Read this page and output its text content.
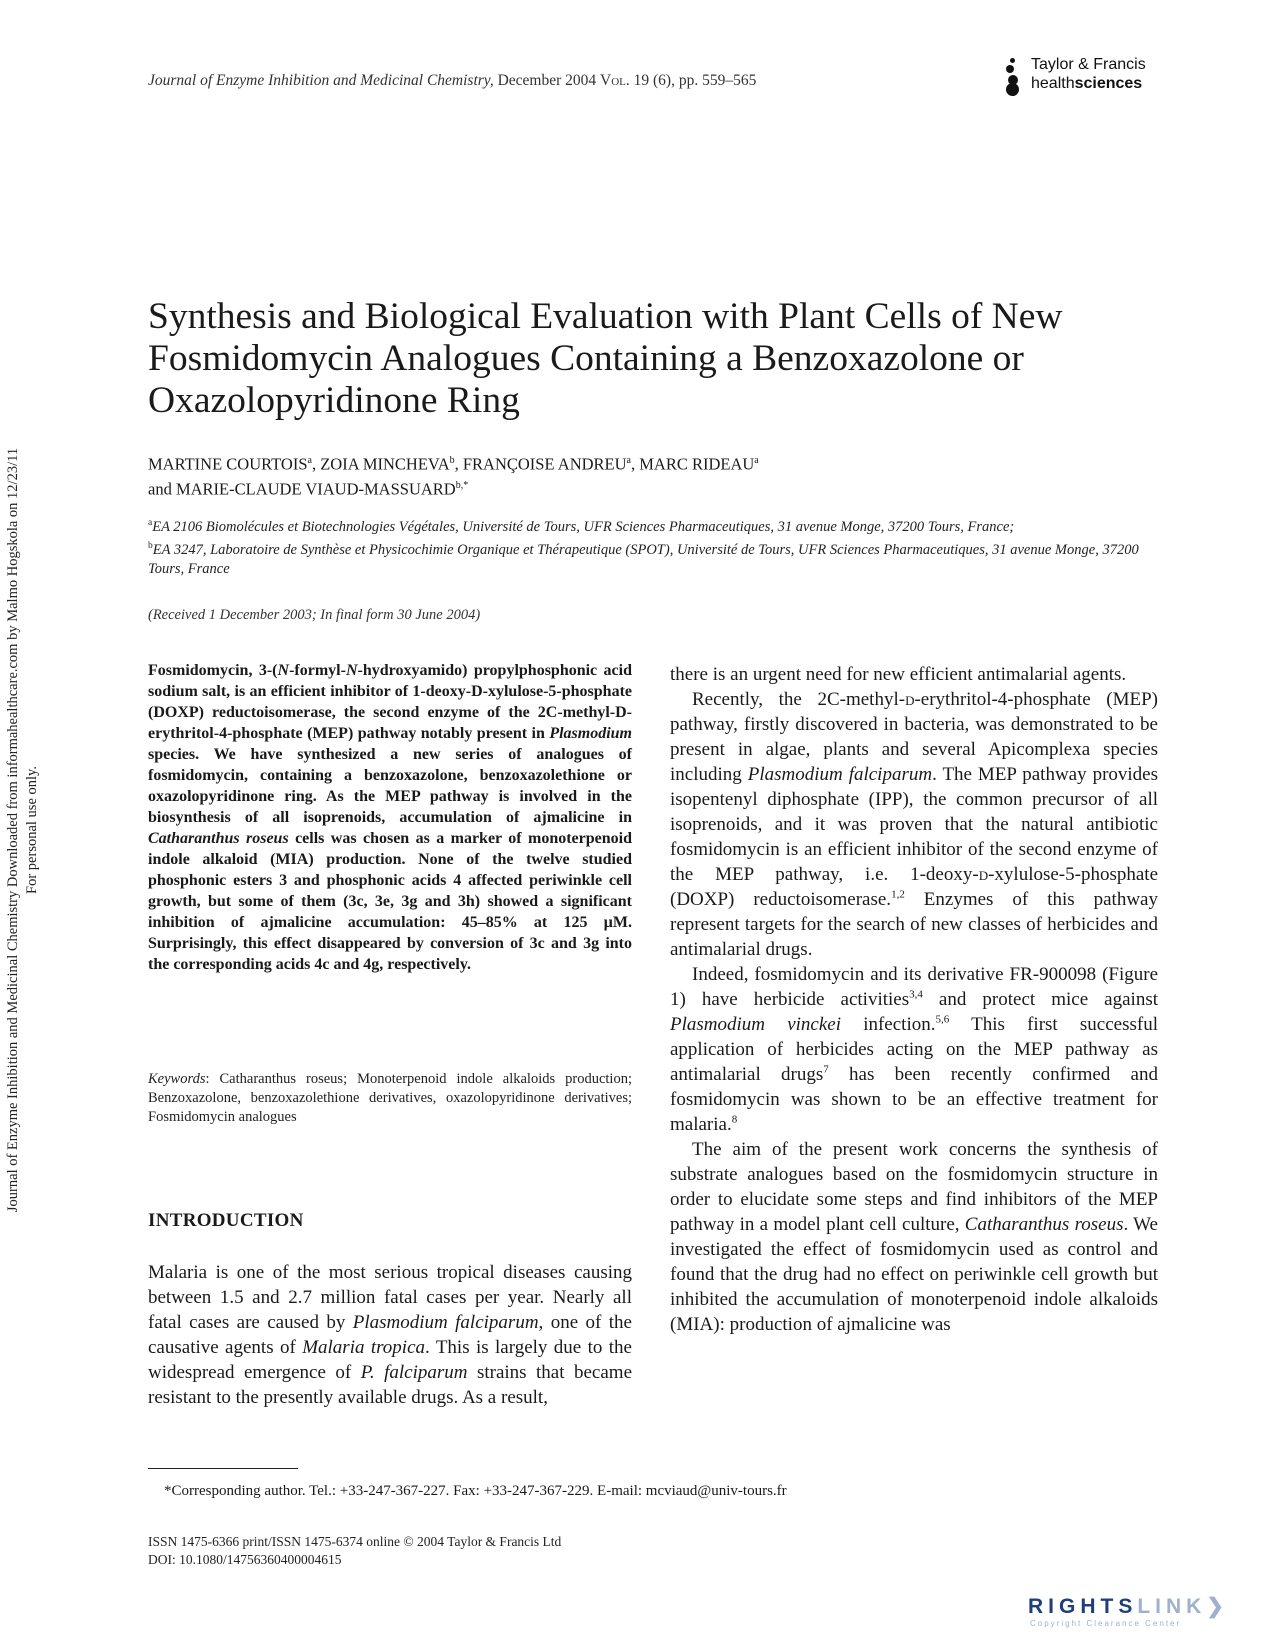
Journal of Enzyme Inhibition and Medicinal Chemistry Downloaded from informahealthcare.com by Malmo Hogskola on 12/23/11 For personal use only.
Journal of Enzyme Inhibition and Medicinal Chemistry, December 2004 Vol. 19 (6), pp. 559–565
Taylor & Francis
healthsciences
Synthesis and Biological Evaluation with Plant Cells of New Fosmidomycin Analogues Containing a Benzoxazolone or Oxazolopyridinone Ring
MARTINE COURTOIS$^a$, ZOIA MINCHEVA$^b$, FRANÇOISE ANDREU$^a$, MARC RIDEAU$^a$
and MARIE-CLAUDE VIAUD-$MASSUARD^{b,*}$
$^a$EA 2106 Biomolécules et Biotechnologies Végétales, Université de Tours, UFR Sciences Pharmaceutiques, 31 avenue Monge, 37200 Tours, France;
$^b$EA 3247, Laboratoire de Synthèse et Physicochimie Organique et Thérapeutique (SPOT), Université de Tours, UFR Sciences Pharmaceutiques, 31 avenue Monge, 37200 Tours, France
(Received 1 December 2003; In final form 30 June 2004)
Fosmidomycin, 3-(N-formyl-N-hydroxyamido) propylphosphonic acid sodium salt, is an efficient inhibitor of 1-deoxy-D-xylulose-5-phosphate (DOXP) reductoisomerase, the second enzyme of the 2C-methyl-D-erythritol-4-phosphate (MEP) pathway notably present in Plasmodium species. We have synthesized a new series of analogues of fosmidomycin, containing a benzoxazolone, benzoxazolethione or oxazolopyridinone ring. As the MEP pathway is involved in the biosynthesis of all isoprenoids, accumulation of ajmalicine in Catharanthus roseus cells was chosen as a marker of monoterpenoid indole alkaloid (MIA) production. None of the twelve studied phosphonic esters 3 and phosphonic acids 4 affected periwinkle cell growth, but some of them (3c, 3e, 3g and 3h) showed a significant inhibition of ajmalicine accumulation: 45–85% at 125 µM. Surprisingly, this effect disappeared by conversion of 3c and 3g into the corresponding acids 4c and 4g, respectively.
Keywords: Catharanthus roseus; Monoterpenoid indole alkaloids production; Benzoxazolone, benzoxazolethione derivatives, oxazolopyridinone derivatives; Fosmidomycin analogues
INTRODUCTION
Malaria is one of the most serious tropical diseases causing between 1.5 and 2.7 million fatal cases per year. Nearly all fatal cases are caused by Plasmodium falciparum, one of the causative agents of Malaria tropica. This is largely due to the widespread emergence of P. falciparum strains that became resistant to the presently available drugs. As a result,

there is an urgent need for new efficient antimalarial agents.

Recently, the 2C-methyl-d-erythritol-4-phosphate (MEP) pathway, firstly discovered in bacteria, was demonstrated to be present in algae, plants and several Apicomplexa species including Plasmodium falciparum. The MEP pathway provides isopentenyl diphosphate (IPP), the common precursor of all isoprenoids, and it was proven that the natural antibiotic fosmidomycin is an efficient inhibitor of the second enzyme of the MEP pathway, i.e. 1-deoxy-d-xylulose-5-phosphate (DOXP) reductoisomerase.$^{1,2}$ Enzymes of this pathway represent targets for the search of new classes of herbicides and antimalarial drugs.

Indeed, fosmidomycin and its derivative FR-900098 (Figure 1) have herbicide activities$^{3,4}$ and protect mice against Plasmodium vinckei infection.$^{5,6}$ This first successful application of herbicides acting on the MEP pathway as antimalarial drugs$^7$ has been recently confirmed and fosmidomycin was shown to be an effective treatment for malaria.$^8$

The aim of the present work concerns the synthesis of substrate analogues based on the fosmidomycin structure in order to elucidate some steps and find inhibitors of the MEP pathway in a model plant cell culture, Catharanthus roseus. We investigated the effect of fosmidomycin used as control and found that the drug had no effect on periwinkle cell growth but inhibited the accumulation of monoterpenoid indole alkaloids (MIA): production of ajmalicine was

*Corresponding author. Tel.: +33-247-367-227. Fax: +33-247-367-229. E-mail: mcviaud@univ-tours.fr
ISSN 1475-6366 print/ISSN 1475-6374 online © 2004 Taylor & Francis Ltd
DOI: 10.1080/14756360400004615
RIGHTSLINK❯
Copyright Clearance Center
